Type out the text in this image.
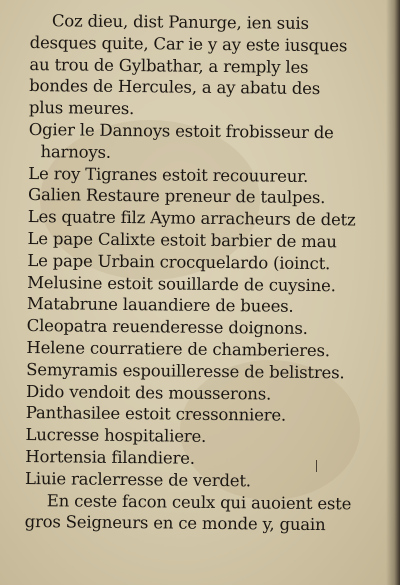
Coz dieu, dist Panurge, ien suis
desques quite, Car ie y ay este iusques
au trou de Gylbathar, a remply les
bondes de Hercules, a ay abatu des
plus meures.
Ogier le Dannoys estoit frobisseur de
harnoys.
Le roy Tigranes estoit recouureur.
Galien Restaure preneur de taulpes.
Les quatre filz Aymo arracheurs de detz
Le pape Calixte estoit barbier de mau
Le pape Urbain crocquelardo (ioinct.
Melusine estoit souillarde de cuysine.
Matabrune lauandiere de buees.
Cleopatra reuenderesse doignons.
Helene courratiere de chamberieres.
Semyramis espouilleresse de belistres.
Dido vendoit des mousserons.
Panthasilee estoit cressonniere.
Lucresse hospitaliere.
Hortensia filandiere.
Liuie raclerresse de verdet.
En ceste facon ceulx qui auoient este
gros Seigneurs en ce monde y, guain
